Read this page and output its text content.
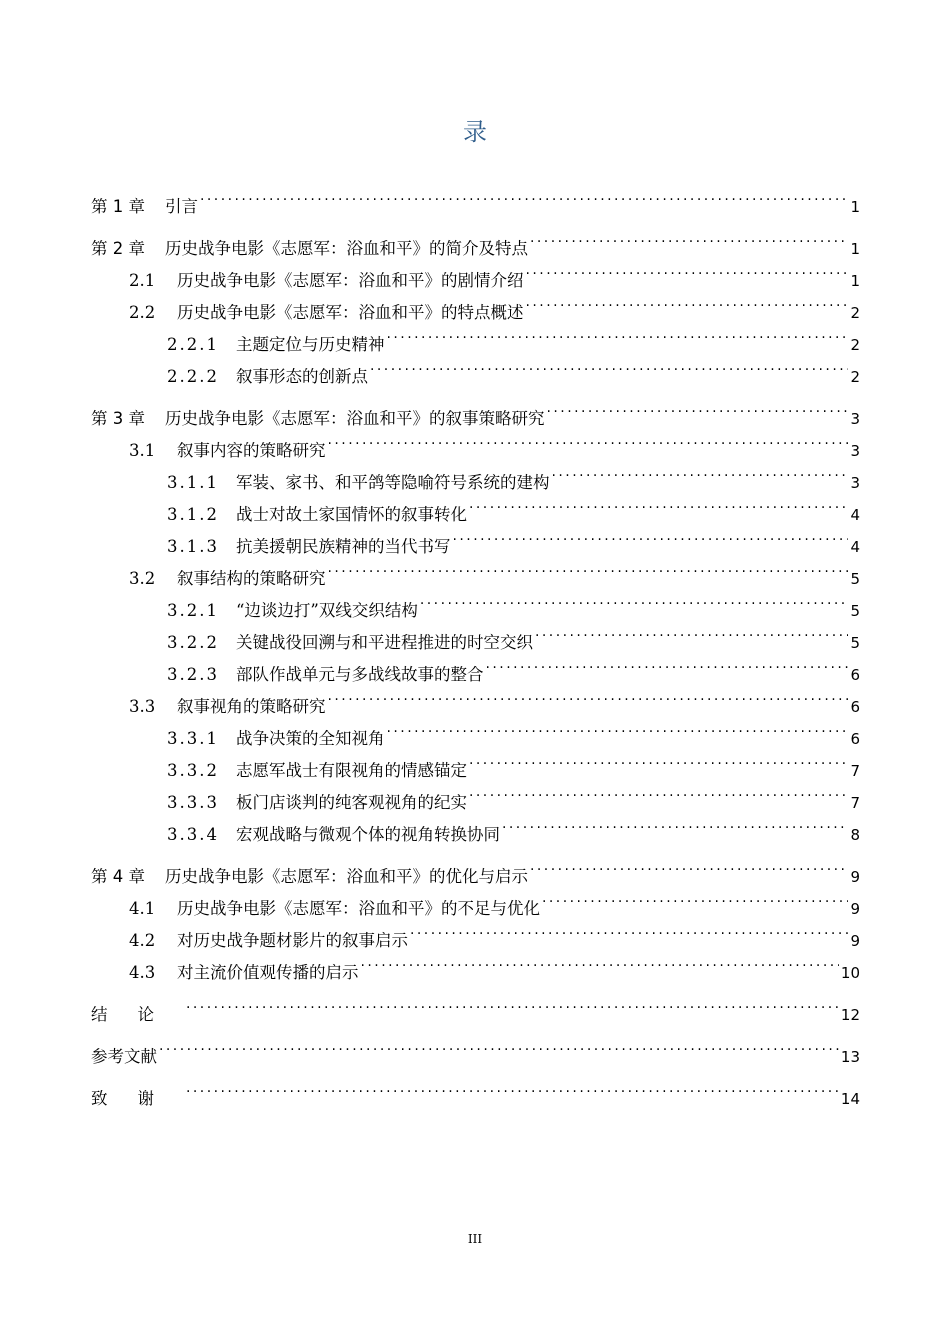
录
第 1 章	引言 . . .	1
第 2 章	历史战争电影《志愿军：浴血和平》的简介及特点 . . .	1
2.1	历史战争电影《志愿军：浴血和平》的剧情介绍 . . .	1
2.2	历史战争电影《志愿军：浴血和平》的特点概述 . . .	2
2.2.1	主题定位与历史精神 . . .	2
2.2.2	叙事形态的创新点 . . .	2
第 3 章	历史战争电影《志愿军：浴血和平》的叙事策略研究 . . .	3
3.1	叙事内容的策略研究 . . .	3
3.1.1	军装、家书、和平鸽等隐喻符号系统的建构 . . .	3
3.1.2	战士对故土家国情怀的叙事转化 . . .	4
3.1.3	抗美援朝民族精神的当代书写 . . .	4
3.2	叙事结构的策略研究 . . .	5
3.2.1	“边谈边打”双线交织结构 . . .	5
3.2.2	关键战役回溯与和平进程推进的时空交织 . . .	5
3.2.3	部队作战单元与多战线故事的整合 . . .	6
3.3	叙事视角的策略研究 . . .	6
3.3.1	战争决策的全知视角 . . .	6
3.3.2	志愿军战士有限视角的情感锚定 . . .	7
3.3.3	板门店谈判的纯客观视角的纪实 . . .	7
3.3.4	宏观战略与微观个体的视角转换协同 . . .	8
第 4 章	历史战争电影《志愿军：浴血和平》的优化与启示 . . .	9
4.1	历史战争电影《志愿军：浴血和平》的不足与优化 . . .	9
4.2	对历史战争题材影片的叙事启示 . . .	9
4.3	对主流价值观传播的启示 . . .	10
结论 . . .	12
参考文献 . . .	13
致谢 . . .	14
III
